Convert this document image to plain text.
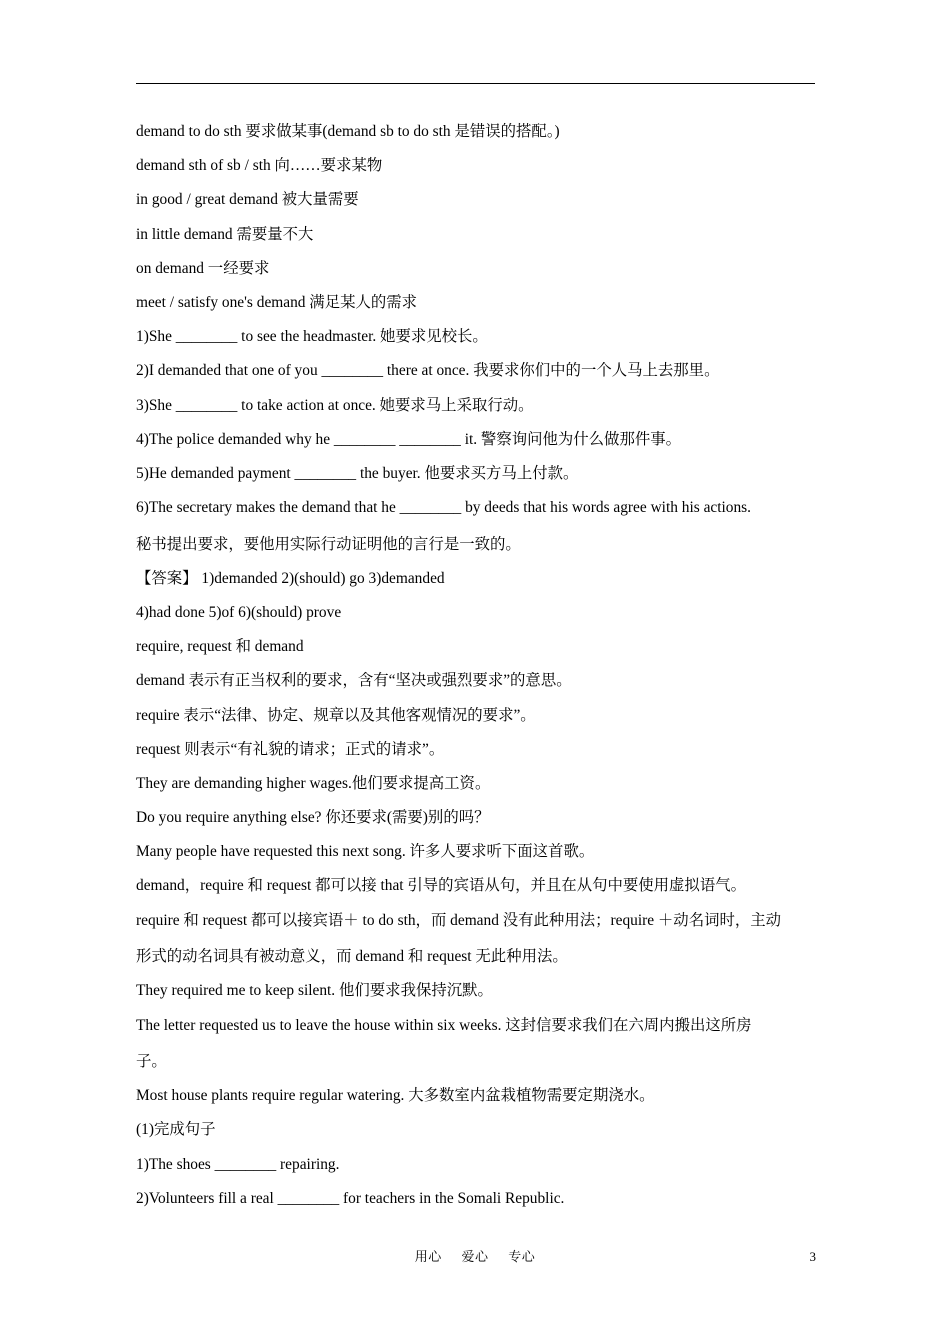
demand to do sth 要求做某事(demand sb to do sth 是错误的搭配。)
demand sth of sb / sth 向……要求某物
in good / great demand 被大量需要
in little demand 需要量不大
on demand 一经要求
meet / satisfy one's demand 满足某人的需求
1)She ________ to see the headmaster. 她要求见校长。
2)I demanded that one of you ________ there at once. 我要求你们中的一个人马上去那里。
3)She ________ to take action at once. 她要求马上采取行动。
4)The police demanded why he ________ ________ it. 警察询问他为什么做那件事。
5)He demanded payment ________ the buyer. 他要求买方马上付款。
6)The secretary makes the demand that he ________ by deeds that his words agree with his actions.
秘书提出要求，要他用实际行动证明他的言行是一致的。
【答案】 1)demanded 2)(should) go 3)demanded
4)had done 5)of 6)(should) prove
require, request 和 demand
demand 表示有正当权利的要求，含有“坚决或强烈要求”的意思。
require 表示“法律、协定、规章以及其他客观情况的要求”。
request 则表示“有礼貌的请求；正式的请求”。
They are demanding higher wages.他们要求提高工资。
Do you require anything else? 你还要求(需要)别的吗？
Many people have requested this next song. 许多人要求听下面这首歌。
demand，require 和 request 都可以接 that 引导的宾语从句，并且在从句中要使用虚拟语气。
require 和 request 都可以接宾语＋ to do sth，而 demand 没有此种用法；require ＋动名词时，主动
形式的动名词具有被动意义，而 demand 和 request 无此种用法。
They required me to keep silent. 他们要求我保持沉默。
The letter requested us to leave the house within six weeks. 这封信要求我们在六周内搬出这所房
子。
Most house plants require regular watering. 大多数室内盆栽植物需要定期浇水。
(1)完成句子
1)The shoes ________ repairing.
2)Volunteers fill a real ________ for teachers in the Somali Republic.
用心 爱心 专心	3
